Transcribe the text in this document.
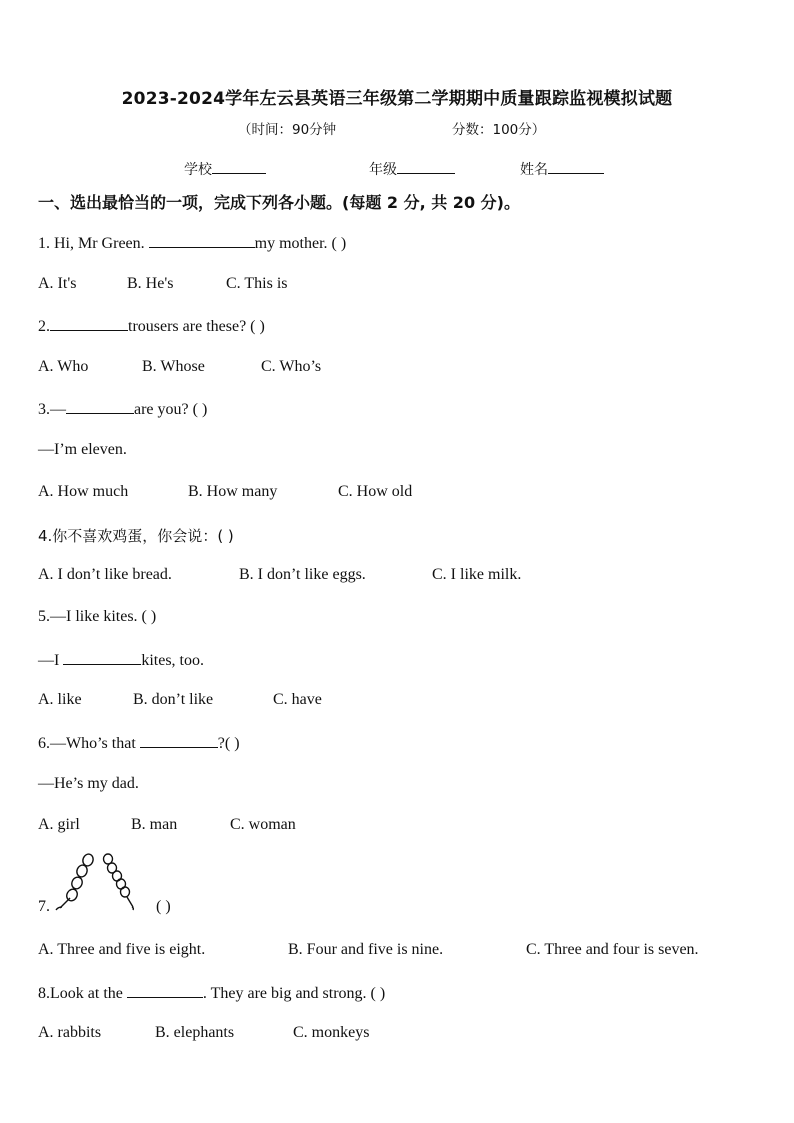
2023-2024学年左云县英语三年级第二学期期中质量跟踪监视模拟试题
（时间：90分钟	分数：100分）
学校	年级	姓名
一、选出最恰当的一项，完成下列各小题。(每题 2 分, 共 20 分)。
1. Hi, Mr Green.	my mother. ( )
A. It's	B. He's	C. This is
2.	trousers are these? ( )
A. Who	B. Whose	C. Who’s
3.—	are you? ( )
—I’m eleven.
A. How much	B. How many	C. How old
4.你不喜欢鸡蛋，你会说：( )
A. I don’t like bread.	B. I don’t like eggs.	C. I like milk.
5.—I like kites. ( )
—I	kites, too.
A. like	B. don’t like	C. have
6.—Who’s that	?( )
—He’s my dad.
A. girl	B. man	C. woman
7.	( )
A. Three and five is eight.	B. Four and five is nine.	C. Three and four is seven.
8.Look at the	. They are big and strong. ( )
A. rabbits	B. elephants	C. monkeys
